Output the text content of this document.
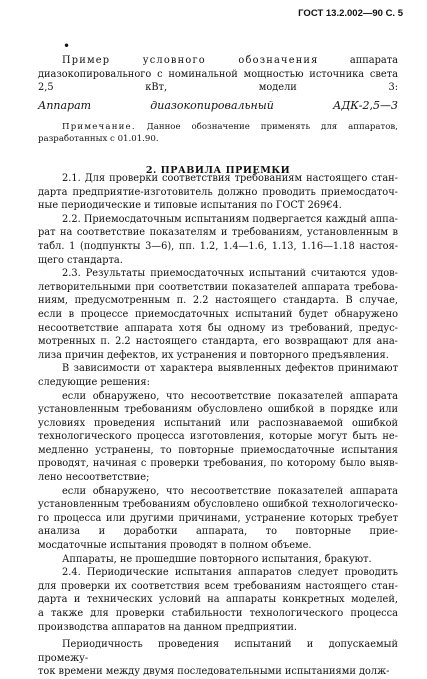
ГОСТ 13.2.002—90 С. 5
•

Пример условного обозначения	аппарата диазокопировального с номинальной мощностью источника света 2,5 кВт, модели 3:

Аппарат диазокопировальный АДК-2,5—3

Примечание. Данное обозначение применять для аппаратов, разработанных с 01.01.90.

2. ПРАВИЛА ПРИЕМКИ

2.1. Для проверки соответствия требованиям настоящего стан-

дарта предприятие-изготовитель должно проводить приемосдаточ-

ные периодические и типовые испытания по ГОСТ 269€4.

2.2. Приемосдаточным испытаниям подвергается каждый аппа-

рат на соответствие показателям и требованиям, установленным в

табл. 1 (подпункты 3—6), пп. 1.2, 1.4—1.6, 1.13, 1.16—1.18 настоя-

щего стандарта.

2.3. Результаты приемосдаточных испытаний считаются удов-

летворительными при соответствии показателей аппарата требова-

ниям, предусмотренным п. 2.2 настоящего стандарта. В случае,

если в процессе приемосдаточных испытаний будет обнаружено

несоответствие аппарата хотя бы одному из требований, предус-

мотренных п. 2.2 настоящего стандарта, его возвращают для ана-

лиза причин дефектов, их устранения и повторного предъявления.

В зависимости от характера выявленных дефектов принимают

следующие решения:

если обнаружено, что несоответствие показателей аппарата

установленным требованиям обусловлено ошибкой в порядке или

условиях проведения испытаний или распознаваемой ошибкой

технологического процесса изготовления, которые могут быть не-

медленно устранены, то повторные приемосдаточные испытания

проводят, начиная с проверки требования, по которому было выяв-

лено несоответствие;

если обнаружено, что несоответствие показателей аппарата

установленным требованиям обусловлено ошибкой технологическо-

го процесса или другими причинами, устранение которых требует

анализа и доработки аппарата, то повторные прие-

мосдаточные испытания проводят в полном объеме.

Аппараты, не прошедшие повторного испытания, бракуют.

2.4. Периодические испытания аппаратов следует проводить

для проверки их соответствия всем требованиям настоящего стан-

дарта и технических условий на аппараты конкретных моделей,

а также для проверки стабильности технологического процесса

производства аппаратов на данном предприятии.

Периодичность проведения испытаний и допускаемый промежу-

ток времени между двумя последовательными испытаниями долж-
